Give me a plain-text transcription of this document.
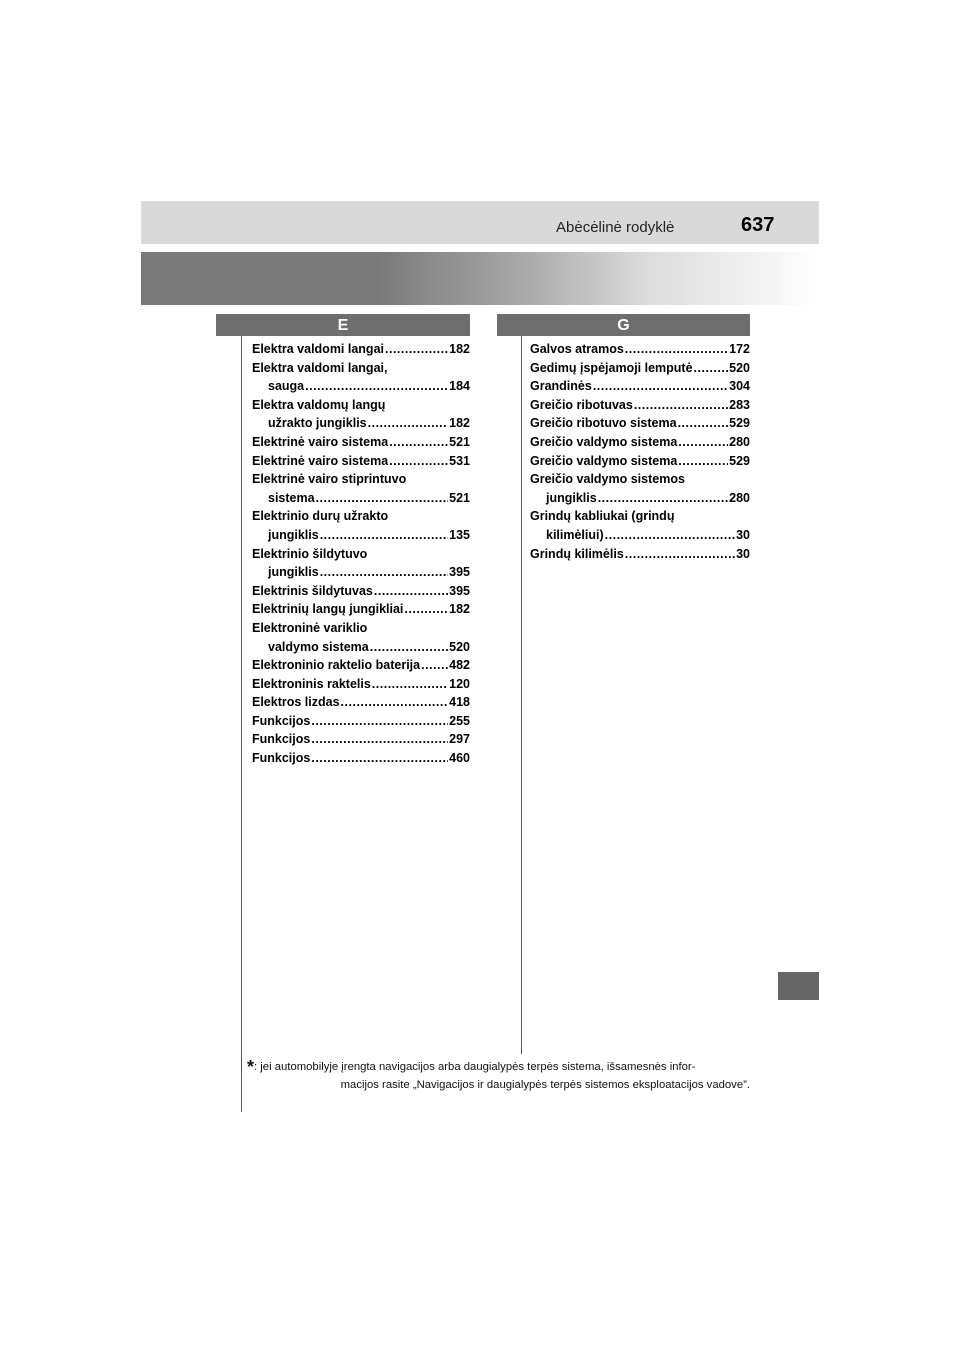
Abėcėlinė rodyklė	637
E	G
Elektra valdomi langai .....	182
Elektra valdomi langai,
sauga .....	184
Elektra valdomų langų
užrakto jungiklis .....	182
Elektrinė vairo sistema .....	521
Elektrinė vairo sistema .....	531
Elektrinė vairo stiprintuvo
sistema .....	521
Elektrinio durų užrakto
jungiklis .....	135
Elektrinio šildytuvo
jungiklis .....	395
Elektrinis šildytuvas .....	395
Elektrinių langų jungikliai .....	182
Elektroninė variklio
valdymo sistema .....	520
Elektroninio raktelio baterija ..... 482
Elektroninis raktelis .....	120
Elektros lizdas .....	418
Funkcijos .....	255
Funkcijos .....	297
Funkcijos .....	460
Galvos atramos .....	172
Gedimų įspėjamoji lemputė .....	520
Grandinės .....	304
Greičio ribotuvas .....	283
Greičio ribotuvo sistema .....	529
Greičio valdymo sistema .....	280
Greičio valdymo sistema .....	529
Greičio valdymo sistemos
jungiklis .....	280
Grindų kabliukai (grindų
kilimėliui) .....	30
Grindų kilimėlis .....	30
*: jei automobilyje įrengta navigacijos arba daugialypės terpės sistema, išsamesnės infor-
macijos rasite „Navigacijos ir daugialypės terpės sistemos eksploatacijos vadove”.
